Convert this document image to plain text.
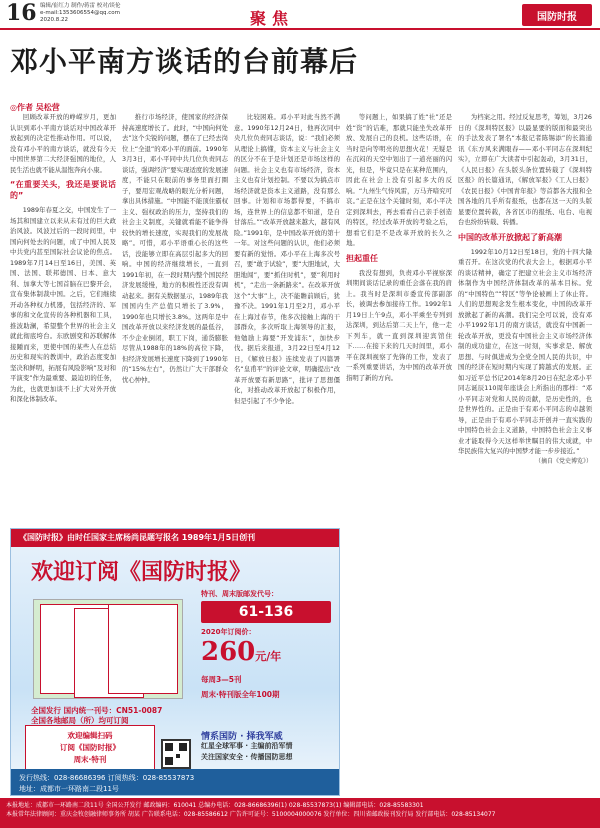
16 编辑/崔红力 制作/蒋雷 校对/谈伦
e-mail:1353606554@qq.com
2020.8.22	聚焦	国防时报
邓小平南方谈话的台前幕后
◎作者 吴松营

回顾改革开放的峥嵘岁月，更加认识到邓小平南方谈话对中国改革开放起到的决定性推动作用。可以说，没有邓小平的南方谈话，就没有今天中国世界第二大经济强国的地位，人民生活也就不能从温饱奔向小康。

“在重要关头，我还是要说话的”

1989年春夏之交，中国发生了一场其和国建立以来从未有过的巨大政治风波。风波过后的一段时间里，中国向何处去的问题，成了中国人民及中共党内甚至国际社会议论的焦点。1989年7月14日至16日，美国、英国、法国、联邦德国、日本、意大利、加拿大等七国首脑在巴黎开会，宣布集体制裁中国。之后，它们继续开动各种权力机器，包括经济的、军事的和文化宣传的各种机器和工具，推波助澜，希望整个世界的社会主义就此彻底垮台。东欧剧变和苏联解体接踵而来，更使中国的某些人在总结历史和现实的教训中，政治态度变加坚决和鲜明，拓展有风险影响”及对和平演变”作为最重要、最迫切的任务，为此，也就更加谈不上扩大对外开放和深化体制改革。

推行市场经济，使国家的经济保持高速度增长了。此时，“中国向何处去”这个尖锐的问题，摆在了已经去岗位上“全退”的邓小平的面前。1990年3月3日，邓小平同中共几位负责同志谈话，强调经济”要实现适度的发展速度，不能只在眼前的事务里面打圈子，要用宏观战略的眼光分析问题，拿出具体措施。“中国能不能顶住霸权主义、强权政治的压力，坚持我们的社会主义制度，关键就看能不能争得较快的增长速度，实现我们的发展战略”。可惜，邓小平语重心长的这些话，没能够立即在高层引起多大的回响。中国的经济继续增长，一直到1991年初，在一段时期内整个国民经济发展缓慢，地方的积极性还没有调动起来。据有关数据显示，1989年我国国内生产总值只增长了3.9%，1990年也只增长3.8%。这两年是中国改革开放以来经济发展的最低谷，不少企业倒闭，职工下岗，通货膨胀尽管从1988年的18%的高位下降，但经济发展增长速度下降到了1990年的“15%左右”，仍然让广大干部群众忧心忡忡。

比较困难。邓小平对此当然不满意。1990年12月24日，他再次同中央几位负责同志谈话，说：“我们必须从理论上搞懂，资本主义与社会主义的区分不在于是计划还是市场这样的问题。社会主义也有市场经济，资本主义也有计划控制。不要以为搞点市场经济就是资本主义道路，没有那么回事。计划和市场都得要，不搞市场，连世界上的信息都不知道，是自甘落后。”“改革开放越来越大，越有风险。”1991年，是中国改革开放的第十一年。对这些问题的认识，他们必须要有新的觉悟。邓小平在上海多次号召，要“敢于试验”，要“大胆地试，大胆地闯”，要“抓住时机”，要“利用时机”，“走出一条新路来”。在改革开放这个“大事”上，决不能瞻前顾后，犹豫不决。1991年1月至2月，邓小平在上海过春节，他多次接触上海的干部群众，多次听取上海领导的汇报，他勉励上海要“开发浦东”，加快步伐。据后来报道，3月22日至4月12日，《解放日报》连续发表了四篇署名“皇甫平”的评论文章，明确提出“改革开放要有新思路”，批评了思想僵化，对推动改革开放起了积极作用，但是引起了不少争论。

等问题上，如果搞了姓“社”还是姓“资”的诘难，那就只能坐失改革开放、发展自己的良机。这些话语，在当时是向等明亮的思想火花！无疑是在沉闷的天空中划出了一道亮丽的闪光，但是，毕竟只是在某种范围内，因此在社会上没有引起多大的反响。“九州生气恃风雷，万马齐喑究可哀。”正是在这个关键时刻，邓小平决定到深圳去，再去看看自己亲手创造的特区，经过改革开放的考验之后，想看它们是不是改革开放的长久之地。

担起重任

我没有想到，负责邓小平视察深圳期间谈话记录的重任会落在我的肩上。我当时是深圳市委宣传部副部长，被调去参加接待工作。1992年1月19日上午9点，邓小平乘坐专列到达深圳，到达后第二天上午，他一走下列车，就一直到深圳迎宾馆住下……在接下来的几天时间里，邓小平在深圳视察了先锋的工作，发表了一系列重要讲话，为中国的改革开放指明了新的方向。

为档案之用。经过反复思考，筹划，3月26日的《深圳特区报》以最显要的版面和最突出的手法发表了署名“本报记者陈锡添”的长篇通讯《东方风来满眼春——邓小平同志在深圳纪实》，立即在广大读者中引起轰动，3月31日，《人民日报》在头版头条位置转载了《深圳特区报》的长篇通讯，《解放军报》《工人日报》《农民日报》《中国青年报》等首都各大报和全国各地的几乎所有报纸，也都在这一天的头版显要位置转载，各省区市的报纸、电台、电视台也纷纷转载、转播。

中国的改革开放掀起了新高潮

1992年10月12日至18日，党的十四大隆重召开。在这次党的代表大会上，根据邓小平的谈话精神，确定了把建立社会主义市场经济体制作为中国经济体制改革的基本目标。党的“中国特色”“特区”等争论被画上了休止符。人们的思想观念发生根本变化，中国的改革开放掀起了新的高潮。我们完全可以说，没有邓小平1992年1月的南方谈话，就没有中国新一轮改革开放，更没有中国社会主义市场经济体制的成功建立，在这一时刻，实事求是、解放思想、与时俱进成为全党全国人民的共识，中国的经济在短时期内实现了跨越式的发展。正如习近平总书记2014年8月20日在纪念邓小平同志诞辰110周年座谈会上所指出的那样：“邓小平同志对党和人民的贡献，是历史性的，也是世界性的。正是由于有邓小平同志的卓越领导，正是由于有邓小平同志开创并一直实践的中国特色社会主义道路，中国特色社会主义事业才能取得今天这样举世瞩目的伟大成就，中华民族伟大复兴的中国梦才能一步步接近。”

（摘自《党史博览》）
《国防时报》由时任国家主席杨尚昆题写报名 1989年1月5日创刊
欢迎订阅《国防时报》
特刊、周末版邮发代号：
61-136
2020年订阅价：
260元/年
每周3—5刊
周末·特刊版全年100期
全国发行 国内统一刊号：CN51-0087
全国各地邮局（所）均可订阅
欢迎编辑扫码
订阅《国防时报》
周末·特刊
情系国防 · 择我军威
红星全球军事 · 主编前沿军情
关注国家安全 · 传播国防思想
发行热线：028-86686396 订阅热线：028-85537873
地址：成都市一环路南二段11号
本报地址：成都市一环路南二段11号 全国公开发行 邮政编码：610041 总编办电话：028-86686396(1) 028-85537873(1) 编辑部电话：028-85583301
本报常年法律顾问：重庆金牧创融律师事务所 胡某 广告联系电话：028-85586612 广告许可证号：5100004000076 发行单位：四川省邮政报刊发行局 发行部电话：028-85134077
